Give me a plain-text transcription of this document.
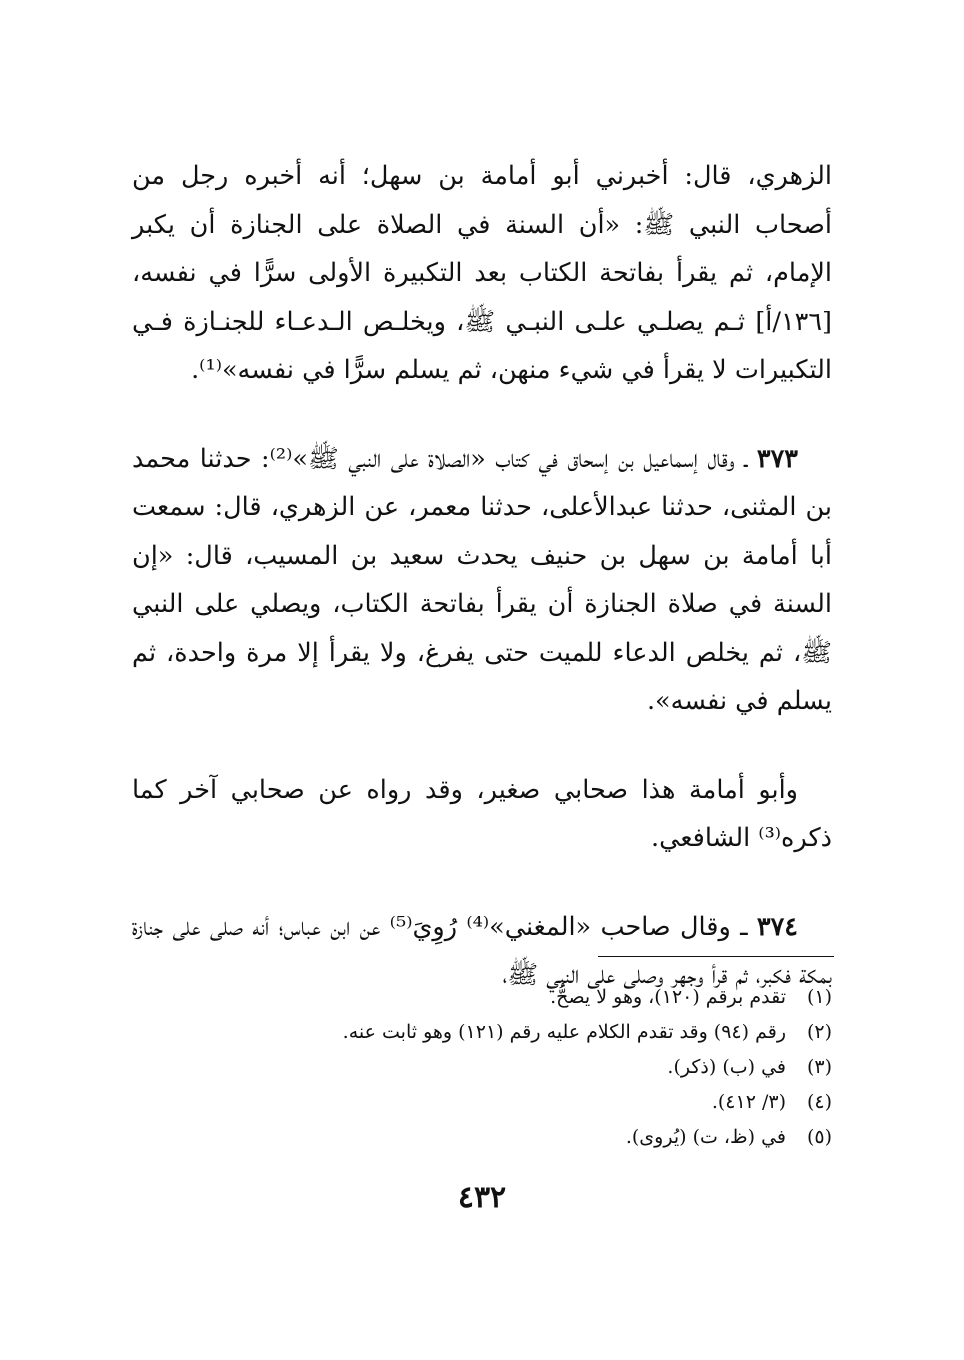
الزهري، قال: أخبرني أبو أمامة بن سهل؛ أنه أخبره رجل من أصحاب النبي ﷺ: «أن السنة في الصلاة على الجنازة أن يكبر الإمام، ثم يقرأ بفاتحة الكتاب بعد التكبيرة الأولى سرًّا في نفسه، [١٣٦/أ] ثـم يصلـي علـى النبـي ﷺ، ويخلـص الـدعـاء للجنـازة فـي التكبيرات لا يقرأ في شيء منهن، ثم يسلم سرًّا في نفسه»⁽¹⁾.

٣٧٣ ـ وقال إسماعيل بن إسحاق في كتاب «الصلاة على النبي ﷺ»⁽²⁾: حدثنا محمد بن المثنى، حدثنا عبدالأعلى، حدثنا معمر، عن الزهري، قال: سمعت أبا أمامة بن سهل بن حنيف يحدث سعيد بن المسيب، قال: «إن السنة في صلاة الجنازة أن يقرأ بفاتحة الكتاب، ويصلي على النبي ﷺ، ثم يخلص الدعاء للميت حتى يفرغ، ولا يقرأ إلا مرة واحدة، ثم يسلم في نفسه».

وأبو أمامة هذا صحابي صغير، وقد رواه عن صحابي آخر كما ذكره⁽³⁾ الشافعي.

٣٧٤ ـ وقال صاحب «المغني»⁽⁴⁾ رُوِيَ⁽⁵⁾ عن ابن عباس؛ أنه صلى على جنازة بمكة فكبر، ثم قرأ وجهر وصلى على النبي ﷺ،

(١)تقدم برقم (١٢٠)، وهو لا يصحُّ.
(٢)رقم (٩٤) وقد تقدم الكلام عليه رقم (١٢١) وهو ثابت عنه.
(٣)في (ب) (ذكر).
(٤)(٣/ ٤١٢).
(٥)في (ظ، ت) (يُروى).
٤٣٢
